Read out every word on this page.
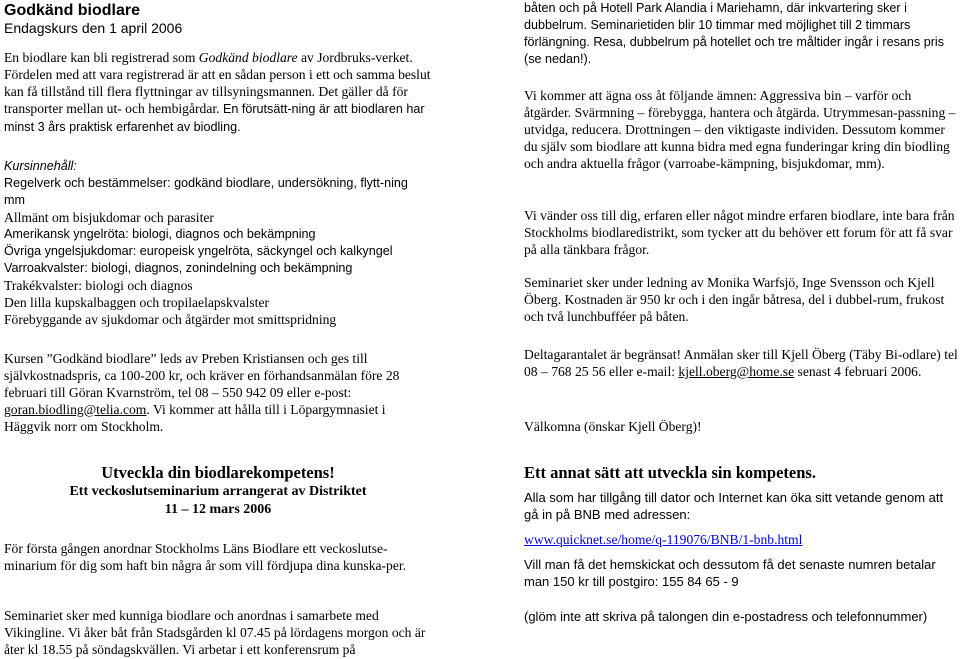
Godkänd biodlare
Endagskurs den 1 april 2006

En biodlare kan bli registrerad som Godkänd biodlare av Jordbruks-verket. Fördelen med att vara registrerad är att en sådan person i ett och samma beslut kan få tillstånd till flera flyttningar av tillsyningsmannen. Det gäller då för transporter mellan ut- och hembigårdar. En förutsätt-ning är att biodlaren har minst 3 års praktisk erfarenhet av biodling.

Kursinnehåll:

Regelverk och bestämmelser: godkänd biodlare, undersökning, flytt-ning mm

Allmänt om bisjukdomar och parasiter

Amerikansk yngelröta: biologi, diagnos och bekämpning

Övriga yngelsjukdomar: europeisk yngelröta, säckyngel och kalkyngel

Varroakvalster: biologi, diagnos, zonindelning och bekämpning

Trakékvalster: biologi och diagnos

Den lilla kupskalbaggen och tropilaelapskvalster

Förebyggande av sjukdomar och åtgärder mot smittspridning

Kursen ”Godkänd biodlare” leds av Preben Kristiansen och ges till självkostnadspris, ca 100-200 kr, och kräver en förhandsanmälan före 28 februari till Göran Kvarnström, tel 08 – 550 942 09 eller e-post: goran.biodling@telia.com. Vi kommer att hålla till i Löpargymnasiet i Häggvik norr om Stockholm.

Utveckla din biodlarekompetens!
Ett veckoslutseminarium arrangerat av Distriktet
11 – 12 mars 2006

För första gången anordnar Stockholms Läns Biodlare ett veckoslutse-minarium för dig som haft bin några år som vill fördjupa dina kunska-per.

Seminariet sker med kunniga biodlare och anordnas i samarbete med Vikingline. Vi åker båt från Stadsgården kl 07.45 på lördagens morgon och är åter kl 18.55 på söndagskvällen. Vi arbetar i ett konferensrum på

båten och på Hotell Park Alandia i Mariehamn, där inkvartering sker i dubbelrum. Seminarietiden blir 10 timmar med möjlighet till 2 timmars förlängning. Resa, dubbelrum på hotellet och tre måltider ingår i resans pris (se nedan!).

Vi kommer att ägna oss åt följande ämnen: Aggressiva bin – varför och åtgärder. Svärmning – förebygga, hantera och åtgärda. Utrymmesan-passning – utvidga, reducera. Drottningen – den viktigaste individen. Dessutom kommer du själv som biodlare att kunna bidra med egna funderingar kring din biodling och andra aktuella frågor (varroabe-kämpning, bisjukdomar, mm).

Vi vänder oss till dig, erfaren eller något mindre erfaren biodlare, inte bara från Stockholms biodlaredistrikt, som tycker att du behöver ett forum för att få svar på alla tänkbara frågor.

Seminariet sker under ledning av Monika Warfsjö, Inge Svensson och Kjell Öberg. Kostnaden är 950 kr och i den ingår båtresa, del i dubbel-rum, frukost och två lunchbufféer på båten.

Deltagarantalet är begränsat! Anmälan sker till Kjell Öberg (Täby Bi-odlare) tel 08 – 768 25 56 eller e-mail: kjell.oberg@home.se senast 4 februari 2006.

Välkomna (önskar Kjell Öberg)!

Ett annat sätt att utveckla sin kompetens.

Alla som har tillgång till dator och Internet kan öka sitt vetande genom att gå in på BNB med adressen:

www.quicknet.se/home/q-119076/BNB/1-bnb.html

Vill man få det hemskickat och dessutom få det senaste numren betalar man 150 kr till postgiro: 155 84 65 - 9

(glöm inte att skriva på talongen din e-postadress och telefonnummer)
